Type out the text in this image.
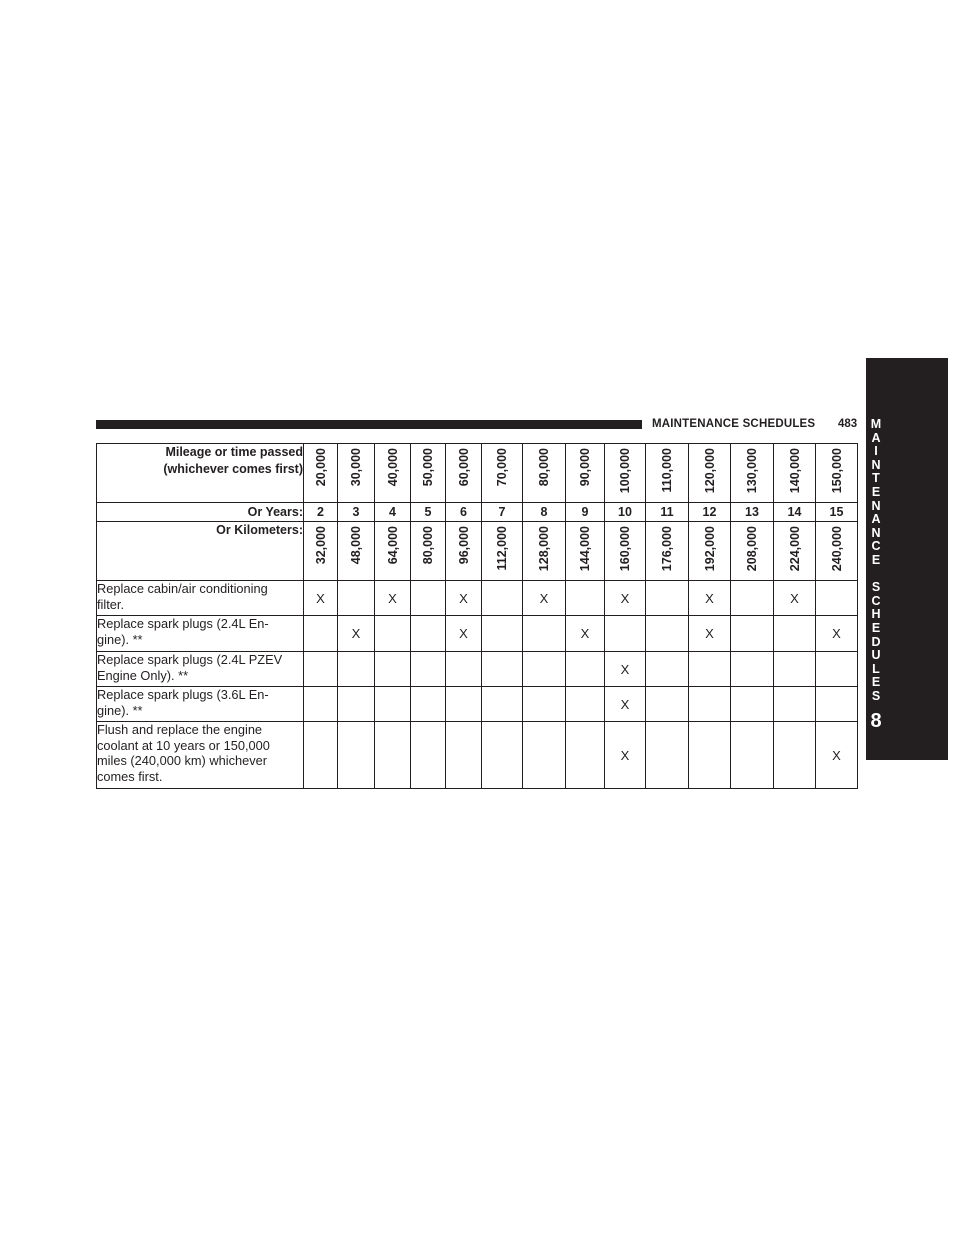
MAINTENANCE SCHEDULES 483	M
A
I
N
T
E
N
A
N
C
E
S
C
H
E
D
U
L
E
S
8
Mileage or time passed
(whichever comes first)	20,000	30,000	40,000	50,000	60,000	70,000	80,000	90,000	100,000	110,000	120,000	130,000	140,000	150,000
Or Years:	2	3	4	5	6	7	8	9	10	11	12	13	14	15
Or Kilometers:	32,000	48,000	64,000	80,000	96,000	112,000	128,000	144,000	160,000	176,000	192,000	208,000	224,000	240,000

Replace cabin/air conditioning
filter.	X		X		X		X		X		X		X	

Replace spark plugs (2.4L En-
gine). **		X			X			X			X			X

Replace spark plugs (2.4L PZEV
Engine Only). **									X					

Replace spark plugs (3.6L En-
gine). **									X					

Flush and replace the engine
coolant at 10 years or 150,000
miles (240,000 km) whichever
comes first.									X					X
